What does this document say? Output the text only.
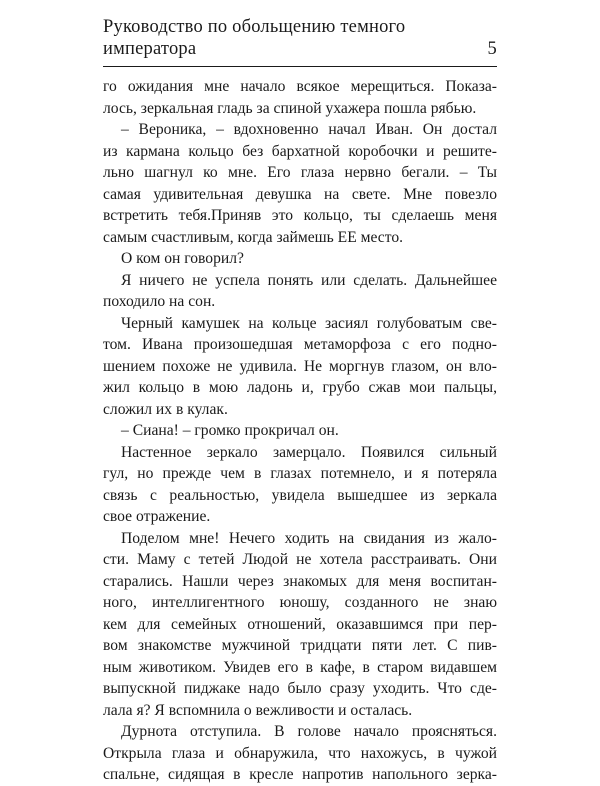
Руководство по обольщению темного императора	5
го ожидания мне начало всякое мерещиться. Показа-
лось, зеркальная гладь за спиной ухажера пошла рябью.
– Вероника, – вдохновенно начал Иван. Он достал
из кармана кольцо без бархатной коробочки и решите-
льно шагнул ко мне. Его глаза нервно бегали. – Ты
самая удивительная девушка на свете. Мне повезло
встретить тебя.Приняв это кольцо, ты сделаешь меня
самым счастливым, когда займешь ЕЕ место.
О ком он говорил?
Я ничего не успела понять или сделать. Дальнейшее
походило на сон.
Черный камушек на кольце засиял голубоватым све-
том. Ивана произошедшая метаморфоза с его подно-
шением похоже не удивила. Не моргнув глазом, он вло-
жил кольцо в мою ладонь и, грубо сжав мои пальцы,
сложил их в кулак.
– Сиана! – громко прокричал он.
Настенное зеркало замерцало. Появился сильный
гул, но прежде чем в глазах потемнело, и я потеряла
связь с реальностью, увидела вышедшее из зеркала
свое отражение.
Поделом мне! Нечего ходить на свидания из жало-
сти. Маму с тетей Людой не хотела расстраивать. Они
старались. Нашли через знакомых для меня воспитан-
ного, интеллигентного юношу, созданного не знаю
кем для семейных отношений, оказавшимся при пер-
вом знакомстве мужчиной тридцати пяти лет. С пив-
ным животиком. Увидев его в кафе, в старом видавшем
выпускной пиджаке надо было сразу уходить. Что сде-
лала я? Я вспомнила о вежливости и осталась.
Дурнота отступила. В голове начало проясняться.
Открыла глаза и обнаружила, что нахожусь, в чужой
спальне, сидящая в кресле напротив напольного зерка-
